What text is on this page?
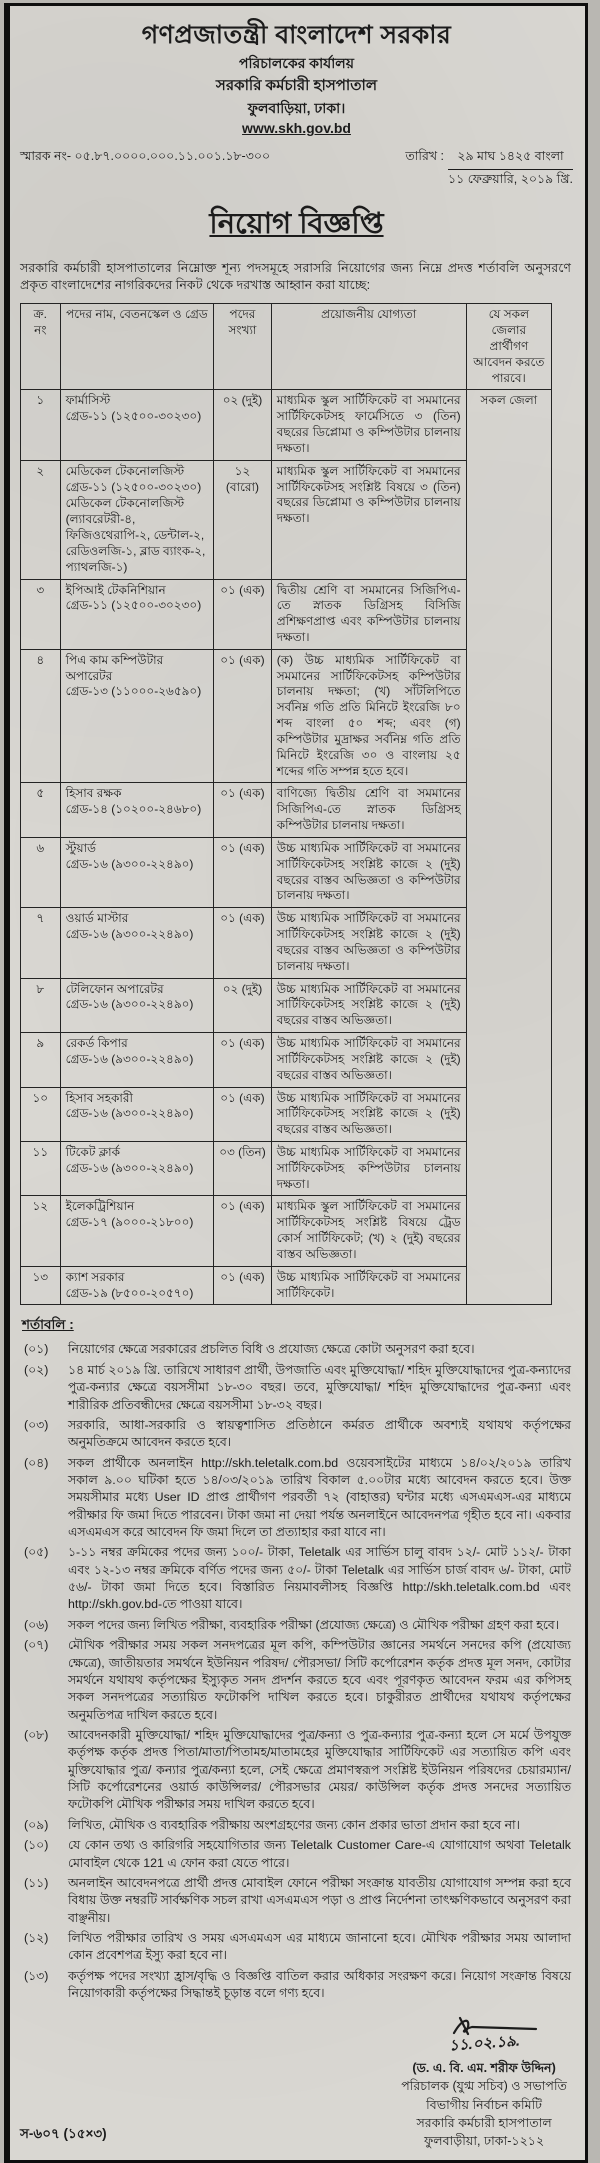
গণপ্রজাতন্ত্রী বাংলাদেশ সরকার
পরিচালকের কার্যালয়
সরকারি কর্মচারী হাসপাতাল
ফুলবাড়িয়া, ঢাকা।
www.skh.gov.bd
স্মারক নং- ০৫.৮৭.০০০০.০০০.১১.০০১.১৮-৩০০	তারিখ :	২৯ মাঘ ১৪২৫ বাংলা
১১ ফেব্রুয়ারি, ২০১৯ খ্রি.
নিয়োগ বিজ্ঞপ্তি

সরকারি কর্মচারী হাসপাতালের নিম্নোক্ত শূন্য পদসমূহে সরাসরি নিয়োগের জন্য নিম্নে প্রদত্ত শর্তাবলি অনুসরণে প্রকৃত বাংলাদেশের নাগরিকদের নিকট থেকে দরখাস্ত আহ্বান করা যাচ্ছে:

ক্র. নং	পদের নাম, বেতনস্কেল ও গ্রেড	পদের সংখ্যা	প্রয়োজনীয় যোগ্যতা	যে সকল জেলার প্রার্থীগণ আবেদন করতে পারবে।
১	ফার্মাসিস্ট
গ্রেড-১১ (১২৫০০-৩০২৩০)	০২ (দুই)	মাধ্যমিক স্কুল সার্টিফিকেট বা সমমানের সার্টিফিকেটসহ ফার্মেসিতে ৩ (তিন) বছরের ডিপ্লোমা ও কম্পিউটার চালনায় দক্ষতা।	সকল জেলা
২	মেডিকেল টেকনোলজিস্ট
গ্রেড-১১ (১২৫০০-৩০২৩০)
মেডিকেল টেকনোলজিস্ট (ল্যাবরেটরী-৪, ফিজিওথেরাপি-২, ডেন্টাল-২, রেডিওলজি-১, ব্লাড ব্যাংক-২, প্যাথলজি-১)	১২ (বারো)	মাধ্যমিক স্কুল সার্টিফিকেট বা সমমানের সার্টিফিকেটসহ সংশ্লিষ্ট বিষয়ে ৩ (তিন) বছরের ডিপ্লোমা ও কম্পিউটার চালনায় দক্ষতা।	
৩	ইপিআই টেকনিশিয়ান
গ্রেড-১১ (১২৫০০-৩০২৩০)	০১ (এক)	দ্বিতীয় শ্রেণি বা সমমানের সিজিপিএ-তে স্নাতক ডিগ্রিসহ বিসিজি প্রশিক্ষণপ্রাপ্ত এবং কম্পিউটার চালনায় দক্ষতা।	
৪	পিএ কাম কম্পিউটার অপারেটর
গ্রেড-১৩ (১১০০০-২৬৫৯০)	০১ (এক)	(ক) উচ্চ মাধ্যমিক সার্টিফিকেট বা সমমানের সার্টিফিকেটসহ কম্পিউটার চালনায় দক্ষতা; (খ) সাঁটলিপিতে সর্বনিম্ন গতি প্রতি মিনিটে ইংরেজি ৮০ শব্দ বাংলা ৫০ শব্দ; এবং (গ) কম্পিউটার মুদ্রাক্ষর সর্বনিম্ন গতি প্রতি মিনিটে ইংরেজি ৩০ ও বাংলায় ২৫ শব্দের গতি সম্পন্ন হতে হবে।	
৫	হিসাব রক্ষক
গ্রেড-১৪ (১০২০০-২৪৬৮০)	০১ (এক)	বাণিজ্যে দ্বিতীয় শ্রেণি বা সমমানের সিজিপিএ-তে স্নাতক ডিগ্রিসহ কম্পিউটার চালনায় দক্ষতা।	
৬	স্টুয়ার্ড
গ্রেড-১৬ (৯৩০০-২২৪৯০)	০১ (এক)	উচ্চ মাধ্যমিক সার্টিফিকেট বা সমমানের সার্টিফিকেটসহ সংশ্লিষ্ট কাজে ২ (দুই) বছরের বাস্তব অভিজ্ঞতা ও কম্পিউটার চালনায় দক্ষতা।	
৭	ওয়ার্ড মাস্টার
গ্রেড-১৬ (৯৩০০-২২৪৯০)	০১ (এক)	উচ্চ মাধ্যমিক সার্টিফিকেট বা সমমানের সার্টিফিকেটসহ সংশ্লিষ্ট কাজে ২ (দুই) বছরের বাস্তব অভিজ্ঞতা ও কম্পিউটার চালনায় দক্ষতা।	
৮	টেলিফোন অপারেটর
গ্রেড-১৬ (৯৩০০-২২৪৯০)	০২ (দুই)	উচ্চ মাধ্যমিক সার্টিফিকেট বা সমমানের সার্টিফিকেটসহ সংশ্লিষ্ট কাজে ২ (দুই) বছরের বাস্তব অভিজ্ঞতা।	
৯	রেকর্ড কিপার
গ্রেড-১৬ (৯৩০০-২২৪৯০)	০১ (এক)	উচ্চ মাধ্যমিক সার্টিফিকেট বা সমমানের সার্টিফিকেটসহ সংশ্লিষ্ট কাজে ২ (দুই) বছরের বাস্তব অভিজ্ঞতা।	
১০	হিসাব সহকারী
গ্রেড-১৬ (৯৩০০-২২৪৯০)	০১ (এক)	উচ্চ মাধ্যমিক সার্টিফিকেট বা সমমানের সার্টিফিকেটসহ সংশ্লিষ্ট কাজে ২ (দুই) বছরের বাস্তব অভিজ্ঞতা।	
১১	টিকেট ক্লার্ক
গ্রেড-১৬ (৯৩০০-২২৪৯০)	০৩ (তিন)	উচ্চ মাধ্যমিক সার্টিফিকেট বা সমমানের সার্টিফিকেটসহ কম্পিউটার চালনায় দক্ষতা।	
১২	ইলেকট্রিশিয়ান
গ্রেড-১৭ (৯০০০-২১৮০০)	০১ (এক)	মাধ্যমিক স্কুল সার্টিফিকেট বা সমমানের সার্টিফিকেটসহ সংশ্লিষ্ট বিষয়ে ট্রেড কোর্স সার্টিফিকেট; (খ) ২ (দুই) বছরের বাস্তব অভিজ্ঞতা।	
১৩	ক্যাশ সরকার
গ্রেড-১৯ (৮৫০০-২০৫৭০)	০১ (এক)	উচ্চ মাধ্যমিক সার্টিফিকেট বা সমমানের সার্টিফিকেট।	
শর্তাবলি :
(০১)	নিয়োগের ক্ষেত্রে সরকারের প্রচলিত বিধি ও প্রযোজ্য ক্ষেত্রে কোটা অনুসরণ করা হবে।
(০২)	১৪ মার্চ ২০১৯ খ্রি. তারিখে সাধারণ প্রার্থী, উপজাতি এবং মুক্তিযোদ্ধা/ শহিদ মুক্তিযোদ্ধাদের পুত্র-কন্যাদের পুত্র-কন্যার ক্ষেত্রে বয়সসীমা ১৮-৩০ বছর। তবে, মুক্তিযোদ্ধা/ শহিদ মুক্তিযোদ্ধাদের পুত্র-কন্যা এবং শারীরিক প্রতিবন্ধীদের ক্ষেত্রে বয়সসীমা ১৮-৩২ বছর।
(০৩)	সরকারি, আধা-সরকারি ও স্বায়ত্বশাসিত প্রতিষ্ঠানে কর্মরত প্রার্থীকে অবশ্যই যথাযথ কর্তৃপক্ষের অনুমতিক্রমে আবেদন করতে হবে।
(০৪)	সকল প্রার্থীকে অনলাইন http://skh.teletalk.com.bd ওয়েবসাইটের মাধ্যমে ১৪/০২/২০১৯ তারিখ সকাল ৯.০০ ঘটিকা হতে ১৪/০৩/২০১৯ তারিখ বিকাল ৫.০০টার মধ্যে আবেদন করতে হবে। উক্ত সময়সীমার মধ্যে User ID প্রাপ্ত প্রার্থীগণ পরবর্তী ৭২ (বাহাত্তর) ঘন্টার মধ্যে এসএমএস-এর মাধ্যমে পরীক্ষার ফি জমা দিতে পারবেন। টাকা জমা না দেয়া পর্যন্ত অনলাইনে আবেদনপত্র গৃহীত হবে না। একবার এসএমএস করে আবেদন ফি জমা দিলে তা প্রত্যাহার করা যাবে না।
(০৫)	১-১১ নম্বর ক্রমিকের পদের জন্য ১০০/- টাকা, Teletalk এর সার্ভিস চালু বাবদ ১২/- মোট ১১২/- টাকা এবং ১২-১৩ নম্বর ক্রমিকে বর্ণিত পদের জন্য ৫০/- টাকা Teletalk এর সার্ভিস চার্জ বাবদ ৬/- টাকা, মোট ৫৬/- টাকা জমা দিতে হবে। বিস্তারিত নিয়মাবলীসহ বিজ্ঞপ্তি http://skh.teletalk.com.bd এবং http://skh.gov.bd-তে পাওয়া যাবে।
(০৬)	সকল পদের জন্য লিখিত পরীক্ষা, ব্যবহারিক পরীক্ষা (প্রযোজ্য ক্ষেত্রে) ও মৌখিক পরীক্ষা গ্রহণ করা হবে।
(০৭)	মৌখিক পরীক্ষার সময় সকল সনদপত্রের মূল কপি, কম্পিউটার জ্ঞানের সমর্থনে সনদের কপি (প্রযোজ্য ক্ষেত্রে), জাতীয়তার সমর্থনে ইউনিয়ন পরিষদ/ পৌরসভা/ সিটি কর্পোরেশন কর্তৃক প্রদত্ত মূল সনদ, কোটার সমর্থনে যথাযথ কর্তৃপক্ষের ইস্যুকৃত সনদ প্রদর্শন করতে হবে এবং পূরণকৃত আবেদন ফরম এর কপিসহ সকল সনদপত্রের সত্যায়িত ফটোকপি দাখিল করতে হবে। চাকুরীরত প্রার্থীদের যথাযথ কর্তৃপক্ষের অনুমতিপত্র দাখিল করতে হবে।
(০৮)	আবেদনকারী মুক্তিযোদ্ধা/ শহিদ মুক্তিযোদ্ধাদের পুত্র/কন্যা ও পুত্র-কন্যার পুত্র-কন্যা হলে সে মর্মে উপযুক্ত কর্তৃপক্ষ কর্তৃক প্রদত্ত পিতা/মাতা/পিতামহ/মাতামহের মুক্তিযোদ্ধার সার্টিফিকেট এর সত্যায়িত কপি এবং মুক্তিযোদ্ধার পুত্র/ কন্যার পুত্র/কন্যা হলে, সেই ক্ষেত্রে প্রমাণস্বরূপ সংশ্লিষ্ট ইউনিয়ন পরিষদের চেয়ারম্যান/ সিটি কর্পোরেশনের ওয়ার্ড কাউন্সিলর/ পৌরসভার মেয়র/ কাউন্সিল কর্তৃক প্রদত্ত সনদের সত্যায়িত ফটোকপি মৌখিক পরীক্ষার সময় দাখিল করতে হবে।
(০৯)	লিখিত, মৌখিক ও ব্যবহারিক পরীক্ষায় অংশগ্রহণের জন্য কোন প্রকার ভাতা প্রদান করা হবে না।
(১০)	যে কোন তথ্য ও কারিগরি সহযোগিতার জন্য Teletalk Customer Care-এ যোগাযোগ অথবা Teletalk মোবাইল থেকে 121 এ ফোন করা যেতে পারে।
(১১)	অনলাইন আবেদনপত্রে প্রার্থী প্রদত্ত মোবাইল ফোনে পরীক্ষা সংক্রান্ত যাবতীয় যোগাযোগ সম্পন্ন করা হবে বিধায় উক্ত নম্বরটি সার্বক্ষণিক সচল রাখা এসএমএস পড়া ও প্রাপ্ত নির্দেশনা তাৎক্ষণিকভাবে অনুসরণ করা বাঞ্ছনীয়।
(১২)	লিখিত পরীক্ষার তারিখ ও সময় এসএমএস এর মাধ্যমে জানানো হবে। মৌখিক পরীক্ষার সময় আলাদা কোন প্রবেশপত্র ইস্যু করা হবে না।
(১৩)	কর্তৃপক্ষ পদের সংখ্যা হ্রাস/বৃদ্ধি ও বিজ্ঞপ্তি বাতিল করার অধিকার সংরক্ষণ করে। নিয়োগ সংক্রান্ত বিষয়ে নিয়োগকারী কর্তৃপক্ষের সিদ্ধান্তই চূড়ান্ত বলে গণ্য হবে।
স-৬০৭ (১৫×৩)
১১.০২.১৯.
(ড. এ. বি. এম. শরীফ উদ্দিন)
পরিচালক (যুগ্ম সচিব) ও সভাপতি
বিভাগীয় নির্বাচন কমিটি
সরকারি কর্মচারী হাসপাতাল
ফুলবাড়ীয়া, ঢাকা-১২১২
